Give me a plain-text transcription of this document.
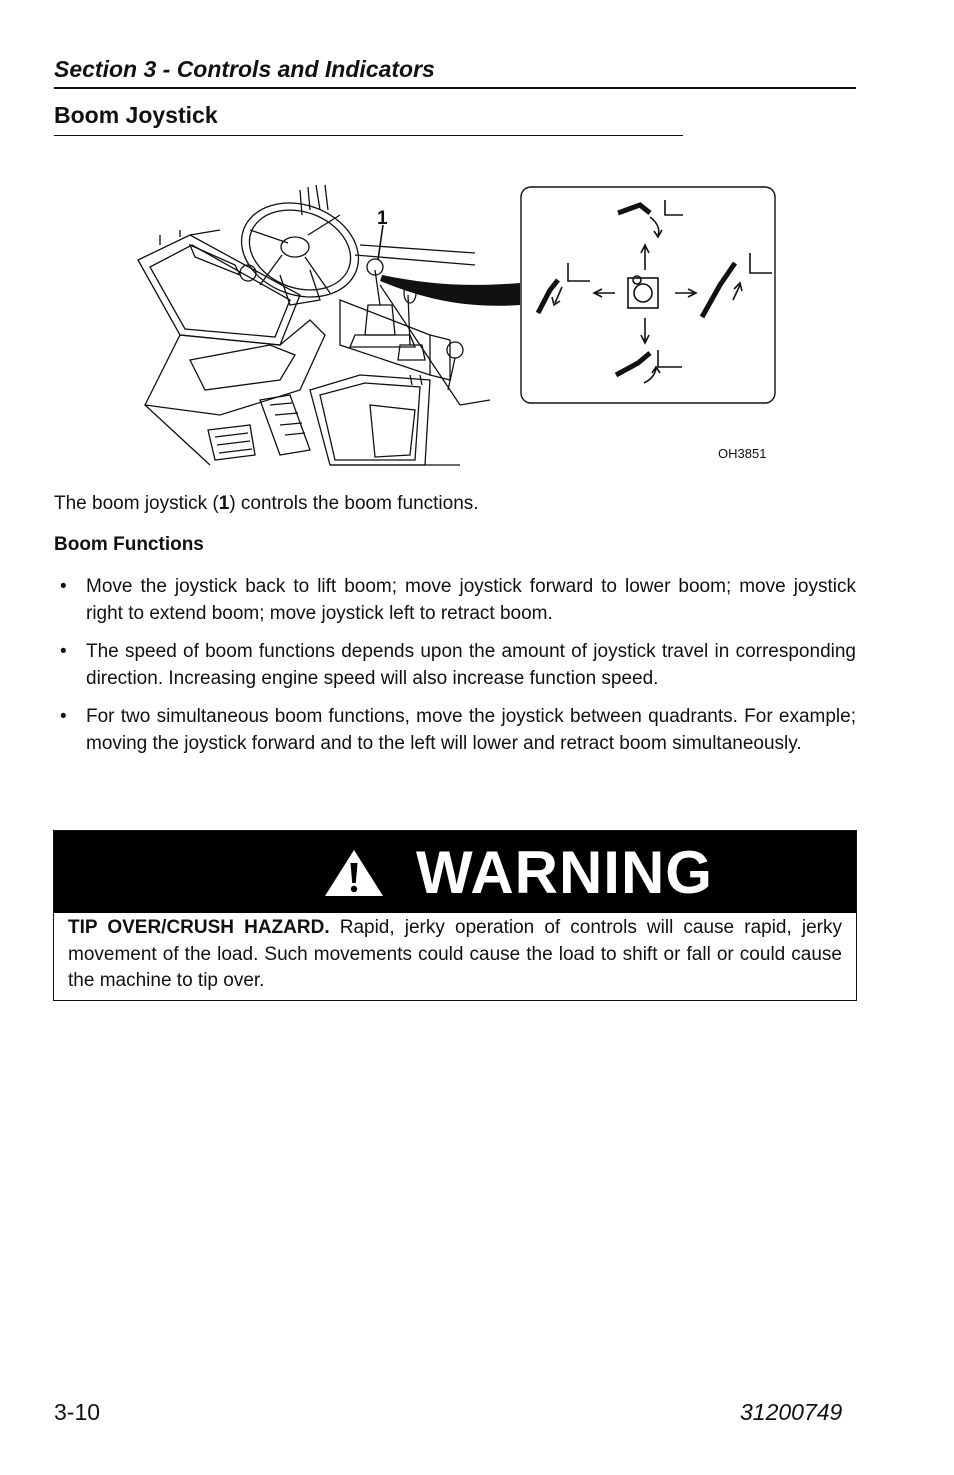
Section 3 - Controls and Indicators
Boom Joystick
1
OH3851
The boom joystick (1) controls the boom functions.
Boom Functions
• Move the joystick back to lift boom; move joystick forward to lower boom; move joystick right to extend boom; move joystick left to retract boom.
• The speed of boom functions depends upon the amount of joystick travel in corresponding direction. Increasing engine speed will also increase function speed.
• For two simultaneous boom functions, move the joystick between quadrants. For example; moving the joystick forward and to the left will lower and retract boom simultaneously.
WARNING
TIP OVER/CRUSH HAZARD. Rapid, jerky operation of controls will cause rapid, jerky movement of the load. Such movements could cause the load to shift or fall or could cause the machine to tip over.
3-10	31200749
